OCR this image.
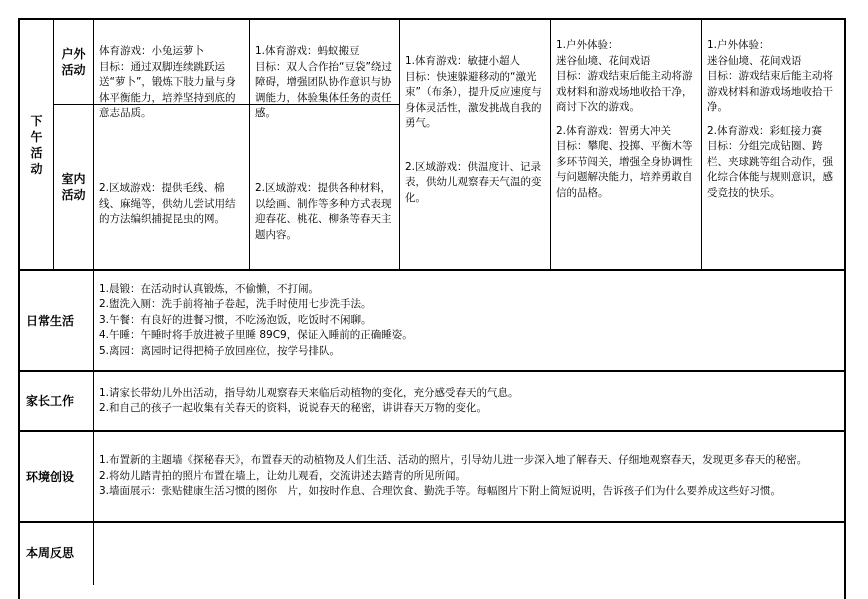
下
午
活
动
户外
活动
室内
活动

体育游戏：小兔运萝卜

目标：通过双脚连续跳跃运送“萝卜”，锻炼下肢力量与身体平衡能力，培养坚持到底的意志品质。

2.区域游戏：提供毛线、棉线、麻绳等，供幼儿尝试用结的方法编织捕捉昆虫的网。

1.体育游戏：蚂蚁搬豆

目标：双人合作抬“豆袋”绕过障碍，增强团队协作意识与协调能力，体验集体任务的责任感。

2.区域游戏：提供各种材料，以绘画、制作等多种方式表现迎春花、桃花、柳条等春天主题内容。

1.体育游戏：敏捷小超人

目标：快速躲避移动的“激光束”（布条），提升反应速度与身体灵活性，激发挑战自我的勇气。

2.区域游戏：供温度计、记录表，供幼儿观察春天气温的变化。

1.户外体验：

迷谷仙境、花间戏语

目标：游戏结束后能主动将游戏材料和游戏场地收拾干净，商讨下次的游戏。

2.体育游戏：智勇大冲关

目标：攀爬、投掷、平衡木等多环节闯关，增强全身协调性与问题解决能力，培养勇敢自信的品格。

1.户外体验：

迷谷仙境、花间戏语

目标：游戏结束后能主动将游戏材料和游戏场地收拾干净。

2.体育游戏：彩虹接力赛

目标：分组完成钻圈、跨栏、夹球跳等组合动作，强化综合体能与规则意识，感受竞技的快乐。

日常生活

1.晨锻：在活动时认真锻炼，不偷懒，不打闹。

2.盥洗入厕：洗手前将袖子卷起，洗手时使用七步洗手法。

3.午餐：有良好的进餐习惯，不吃汤泡饭，吃饭时不闲聊。

4.午睡：午睡时将手放进被子里睡 89C9，保证入睡前的正确睡姿。

5.离园：离园时记得把椅子放回座位，按学号排队。

家长工作

1.请家长带幼儿外出活动，指导幼儿观察春天来临后动植物的变化，充分感受春天的气息。

2.和自己的孩子一起收集有关春天的资料，说说春天的秘密，讲讲春天万物的变化。

环境创设

1.布置新的主题墙《探秘春天》，布置春天的动植物及人们生活、活动的照片，引导幼儿进一步深入地了解春天、仔细地观察春天，发现更多春天的秘密。

2.将幼儿踏青拍的照片布置在墙上，让幼儿观看，交流讲述去踏青的所见所闻。

3.墙面展示：张贴健康生活习惯的图你　片，如按时作息、合理饮食、勤洗手等。每幅图片下附上简短说明，告诉孩子们为什么要养成这些好习惯。

本周反思
